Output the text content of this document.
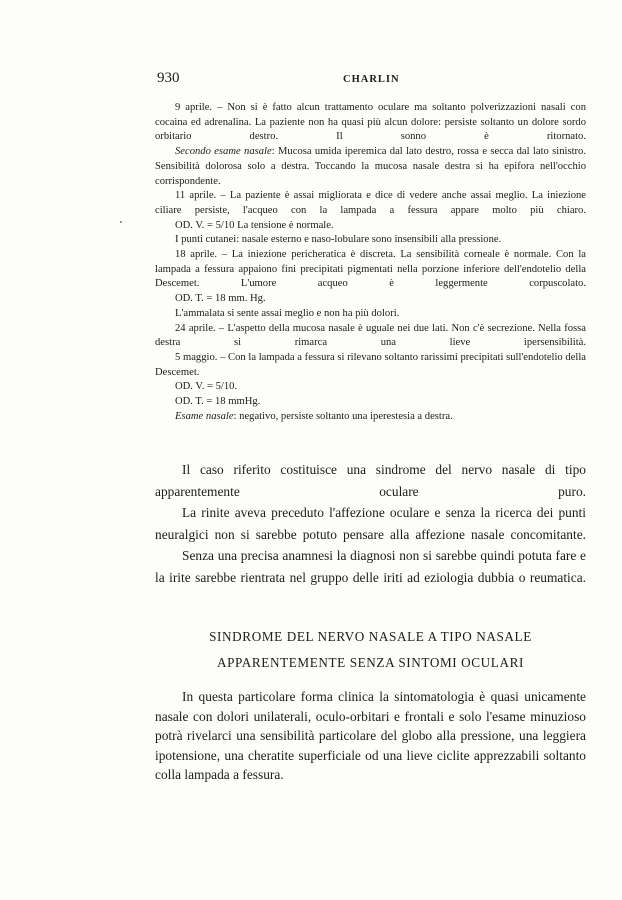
930	CHARLIN

9 aprile. – Non si è fatto alcun trattamento oculare ma soltanto polverizzazioni nasali con cocaina ed adrenalina. La paziente non ha quasi più alcun dolore: persiste soltanto un dolore sordo orbitario destro. Il sonno è ritornato.

Secondo esame nasale: Mucosa umida iperemica dal lato destro, rossa e secca dal lato sinistro. Sensibilità dolorosa solo a destra. Toccando la mucosa nasale destra si ha epifora nell'occhio corrispondente.

11 aprile. – La paziente è assai migliorata e dice di vedere anche assai meglio. La iniezione ciliare persiste, l'acqueo con la lampada a fessura appare molto più chiaro.

OD. V. = 5/10 La tensione è normale.

I punti cutanei: nasale esterno e naso-lobulare sono insensibili alla pressione.

18 aprile. – La iniezione pericheratica è discreta. La sensibilità corneale è normale. Con la lampada a fessura appaiono fini precipitati pigmentati nella porzione inferiore dell'endotelio della Descemet. L'umore acqueo è leggermente corpuscolato.

OD. T. = 18 mm. Hg.

L'ammalata si sente assai meglio e non ha più dolori.

24 aprile. – L'aspetto della mucosa nasale è uguale nei due lati. Non c'è secrezione. Nella fossa destra si rimarca una lieve ipersensibilità.

5 maggio. – Con la lampada a fessura si rilevano soltanto rarissimi precipitati sull'endotelio della Descemet.

OD. V. = 5/10.

OD. T. = 18 mmHg.

Esame nasale: negativo, persiste soltanto una iperestesia a destra.

Il caso riferito costituisce una sindrome del nervo nasale di tipo apparentemente oculare puro.

La rinite aveva preceduto l'affezione oculare e senza la ricerca dei punti neuralgici non si sarebbe potuto pensare alla affezione nasale concomitante.

Senza una precisa anamnesi la diagnosi non si sarebbe quindi potuta fare e la irite sarebbe rientrata nel gruppo delle iriti ad eziologia dubbia o reumatica.

SINDROME DEL NERVO NASALE A TIPO NASALE
APPARENTEMENTE SENZA SINTOMI OCULARI

In questa particolare forma clinica la sintomatologia è quasi unicamente nasale con dolori unilaterali, oculo-orbitari e frontali e solo l'esame minuzioso potrà rivelarci una sensibilità particolare del globo alla pressione, una leggiera ipotensione, una cheratite superficiale od una lieve ciclite apprezzabili soltanto colla lampada a fessura.
